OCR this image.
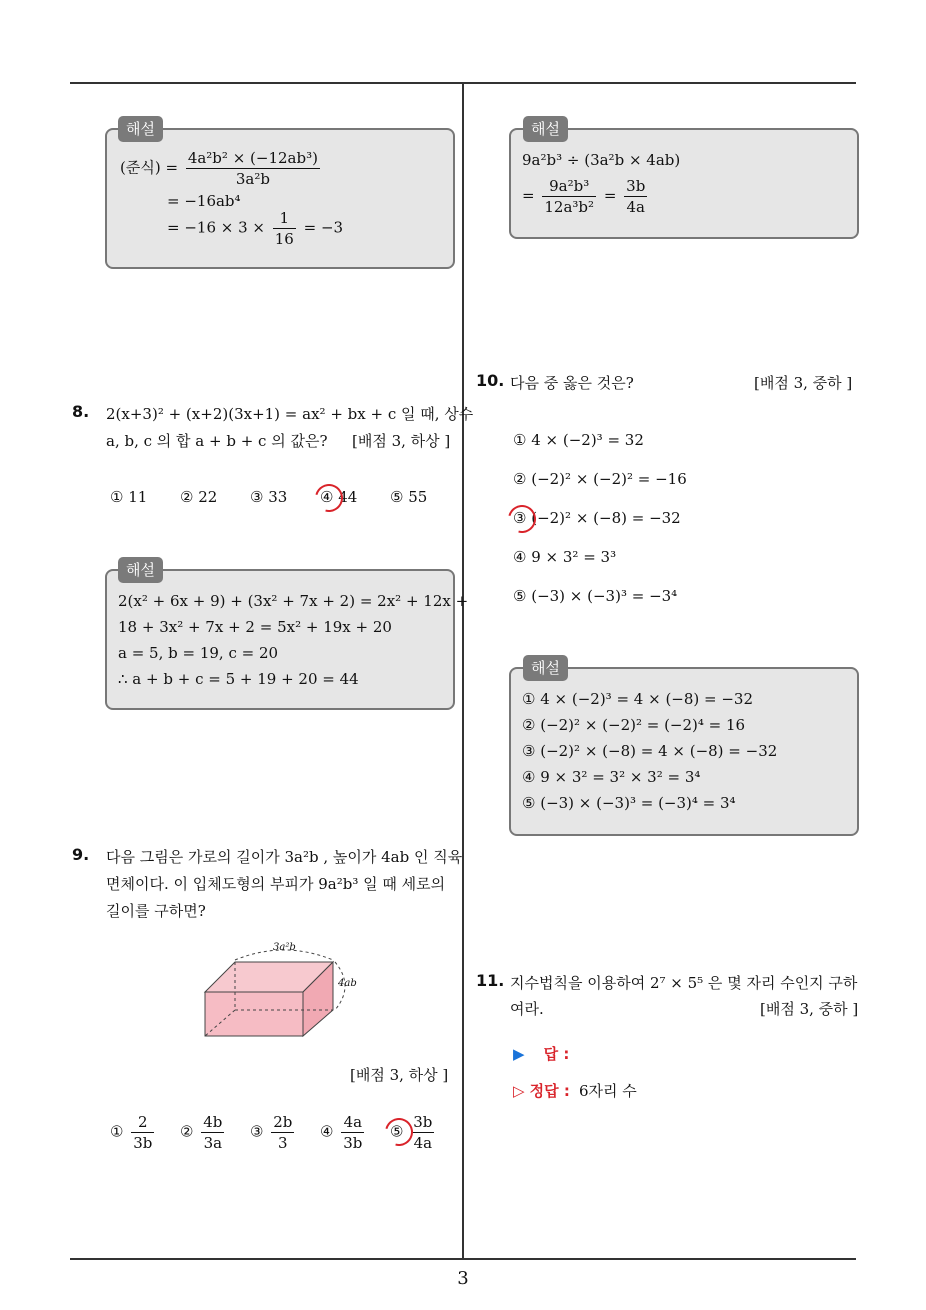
3
해설
(준식) = $\frac{\text{4a²b² × (−12ab³)}}{\text{3a²b}}$
= −16ab⁴
= $-16 \times 3 \times \frac{1}{16} = -3$
8. 2(x+3)² + (x+2)(3x+1) = ax² + bx + c 일 때, 상수
a, b, c 의 합 a + b + c 의 값은? [배점 3, 하상 ]
① 11 ② 22 ③ 33 ④ 44 ⑤ 55
해설
2(x² + 6x + 9) + (3x² + 7x + 2) = 2x² + 12x +
18 + 3x² + 7x + 2 = 5x² + 19x + 20
a = 5, b = 19, c = 20
∴ a + b + c = 5 + 19 + 20 = 44
9. 다음 그림은 가로의 길이가 3a²b , 높이가 4ab 인 직육
면체이다. 이 입체도형의 부피가 9a²b³ 일 때 세로의
길이를 구하면?
3a²b
4ab
[배점 3, 하상 ]
① $\frac{2}{3b}$ ② $\frac{4b}{3a}$ ③ $\frac{2b}{3}$ ④ $\frac{4a}{3b}$ ⑤ $\frac{3b}{4a}$
해설
9a²b³ ÷ (3a²b × 4ab)
= $\frac{\text{9a²b³}}{\text{12a³b²}} = \frac{3b}{4a}$
10. 다음 중 옳은 것은?	[배점 3, 중하 ]
① 4 × (−2)³ = 32
② (−2)² × (−2)² = −16
③ (−2)² × (−8) = −32
④ 9 × 3² = 3³
⑤ (−3) × (−3)³ = −3⁴
해설
① 4 × (−2)³ = 4 × (−8) = −32
② (−2)² × (−2)² = (−2)⁴ = 16
③ (−2)² × (−8) = 4 × (−8) = −32
④ 9 × 3² = 3² × 3² = 3⁴
⑤ (−3) × (−3)³ = (−3)⁴ = 3⁴
11. 지수법칙을 이용하여 2⁷ × 5⁵ 은 몇 자리 수인지 구하
여라.	[배점 3, 중하 ]
▶ 답 :
▷ 정답 : 6자리 수
